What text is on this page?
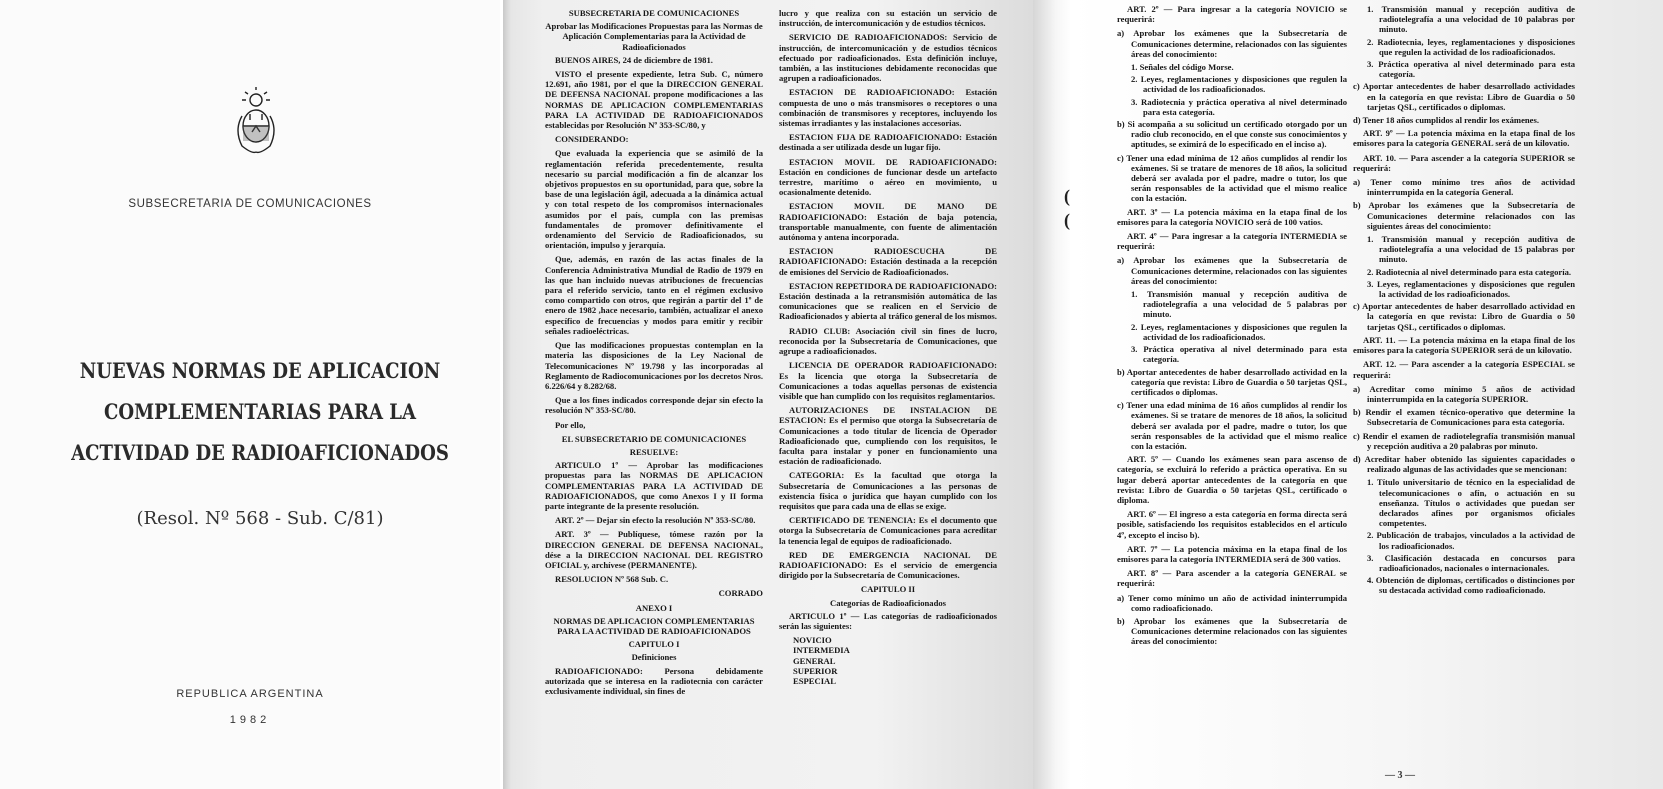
SUBSECRETARIA DE COMUNICACIONES
NUEVAS NORMAS DE APLICACION
COMPLEMENTARIAS PARA LA
ACTIVIDAD DE RADIOAFICIONADOS
(Resol. Nº 568 - Sub. C/81)
REPUBLICA ARGENTINA
1982

SUBSECRETARIA DE COMUNICACIONES

Aprobar las Modificaciones Propuestas para las Normas de Aplicación Complementarias para la Actividad de Radioaficionados

BUENOS AIRES, 24 de diciembre de 1981.

VISTO el presente expediente, letra Sub. C, número 12.691, año 1981, por el que la DIRECCION GENERAL DE DEFENSA NACIONAL propone modificaciones a las NORMAS DE APLICACION COMPLEMENTARIAS PARA LA ACTIVIDAD DE RADIOAFICIONADOS establecidas por Resolución Nº 353-SC/80, y

CONSIDERANDO:

Que evaluada la experiencia que se asimiló de la reglamentación referida precedentemente, resulta necesario su parcial modificación a fin de alcanzar los objetivos propuestos en su oportunidad, para que, sobre la base de una legislación ágil, adecuada a la dinámica actual y con total respeto de los compromisos internacionales asumidos por el país, cumpla con las premisas fundamentales de promover definitivamente el ordenamiento del Servicio de Radioaficionados, su orientación, impulso y jerarquía.

Que, además, en razón de las actas finales de la Conferencia Administrativa Mundial de Radio de 1979 en las que han incluido nuevas atribuciones de frecuencias para el referido servicio, tanto en el régimen exclusivo como compartido con otros, que regirán a partir del 1º de enero de 1982 ,hace necesario, también, actualizar el anexo específico de frecuencias y modos para emitir y recibir señales radioeléctricas.

Que las modificaciones propuestas contemplan en la materia las disposiciones de la Ley Nacional de Telecomunicaciones Nº 19.798 y las incorporadas al Reglamento de Radiocomunicaciones por los decretos Nros. 6.226/64 y 8.282/68.

Que a los fines indicados corresponde dejar sin efecto la resolución Nº 353-SC/80.

Por ello,

EL SUBSECRETARIO DE COMUNICACIONES

RESUELVE:

ARTICULO 1º — Aprobar las modificaciones propuestas para las NORMAS DE APLICACION COMPLEMENTARIAS PARA LA ACTIVIDAD DE RADIOAFICIONADOS, que como Anexos I y II forma parte integrante de la presente resolución.

ART. 2º — Dejar sin efecto la resolución Nº 353-SC/80.

ART. 3º — Publíquese, tómese razón por la DIRECCION GENERAL DE DEFENSA NACIONAL, dése a la DIRECCION NACIONAL DEL REGISTRO OFICIAL y, archívese (PERMANENTE).

RESOLUCION Nº 568 Sub. C.

CORRADO

ANEXO I

NORMAS DE APLICACION COMPLEMENTARIAS PARA LA ACTIVIDAD DE RADIOAFICIONADOS

CAPITULO I

Definiciones

RADIOAFICIONADO: Persona debidamente autorizada que se interesa en la radiotecnia con carácter exclusivamente individual, sin fines de

lucro y que realiza con su estación un servicio de instrucción, de intercomunicación y de estudios técnicos.

SERVICIO DE RADIOAFICIONADOS: Servicio de instrucción, de intercomunicación y de estudios técnicos efectuado por radioaficionados. Esta definición incluye, también, a las instituciones debidamente reconocidas que agrupen a radioaficionados.

ESTACION DE RADIOAFICIONADO: Estación compuesta de uno o más transmisores o receptores o una combinación de transmisores y receptores, incluyendo los sistemas irradiantes y las instalaciones accesorias.

ESTACION FIJA DE RADIOAFICIONADO: Estación destinada a ser utilizada desde un lugar fijo.

ESTACION MOVIL DE RADIOAFICIONADO: Estación en condiciones de funcionar desde un artefacto terrestre, marítimo o aéreo en movimiento, u ocasionalmente detenido.

ESTACION MOVIL DE MANO DE RADIOAFICIONADO: Estación de baja potencia, transportable manualmente, con fuente de alimentación autónoma y antena incorporada.

ESTACION RADIOESCUCHA DE RADIOAFICIONADO: Estación destinada a la recepción de emisiones del Servicio de Radioaficionados.

ESTACION REPETIDORA DE RADIOAFICIONADO: Estación destinada a la retransmisión automática de las comunicaciones que se realicen en el Servicio de Radioaficionados y abierta al tráfico general de los mismos.

RADIO CLUB: Asociación civil sin fines de lucro, reconocida por la Subsecretaría de Comunicaciones, que agrupe a radioaficionados.

LICENCIA DE OPERADOR RADIOAFICIONADO: Es la licencia que otorga la Subsecretaría de Comunicaciones a todas aquellas personas de existencia visible que han cumplido con los requisitos reglamentarios.

AUTORIZACIONES DE INSTALACION DE ESTACION: Es el permiso que otorga la Subsecretaría de Comunicaciones a todo titular de licencia de Operador Radioaficionado que, cumpliendo con los requisitos, le faculta para instalar y poner en funcionamiento una estación de radioaficionado.

CATEGORIA: Es la facultad que otorga la Subsecretaría de Comunicaciones a las personas de existencia física o jurídica que hayan cumplido con los requisitos que para cada una de ellas se exige.

CERTIFICADO DE TENENCIA: Es el documento que otorga la Subsecretaría de Comunicaciones para acreditar la tenencia legal de equipos de radioaficionado.

RED DE EMERGENCIA NACIONAL DE RADIOAFICIONADO: Es el servicio de emergencia dirigido por la Subsecretaría de Comunicaciones.

CAPITULO II

Categorías de Radioaficionados

ARTICULO 1º — Las categorías de radioaficionados serán las siguientes:

NOVICIO

INTERMEDIA

GENERAL

SUPERIOR

ESPECIAL

(
(

ART. 2º — Para ingresar a la categoría NOVICIO se requerirá:

a) Aprobar los exámenes que la Subsecretaría de Comunicaciones determine, relacionados con las siguientes áreas del conocimiento:

1. Señales del código Morse.

2. Leyes, reglamentaciones y disposiciones que regulen la actividad de los radioaficionados.

3. Radiotecnia y práctica operativa al nivel determinado para esta categoría.

b) Si acompaña a su solicitud un certificado otorgado por un radio club reconocido, en el que conste sus conocimientos y aptitudes, se eximirá de lo especificado en el inciso a).

c) Tener una edad mínima de 12 años cumplidos al rendir los exámenes. Si se tratare de menores de 18 años, la solicitud deberá ser avalada por el padre, madre o tutor, los que serán responsables de la actividad que el mismo realice con la estación.

ART. 3º — La potencia máxima en la etapa final de los emisores para la categoría NOVICIO será de 100 vatios.

ART. 4º — Para ingresar a la categoría INTERMEDIA se requerirá:

a) Aprobar los exámenes que la Subsecretaría de Comunicaciones determine, relacionados con las siguientes áreas del conocimiento:

1. Transmisión manual y recepción auditiva de radiotelegrafía a una velocidad de 5 palabras por minuto.

2. Leyes, reglamentaciones y disposiciones que regulen la actividad de los radioaficionados.

3. Práctica operativa al nivel determinado para esta categoría.

b) Aportar antecedentes de haber desarrollado actividad en la categoría que revista: Libro de Guardia o 50 tarjetas QSL, certificados o diplomas.

c) Tener una edad mínima de 16 años cumplidos al rendir los exámenes. Si se tratare de menores de 18 años, la solicitud deberá ser avalada por el padre, madre o tutor, los que serán responsables de la actividad que el mismo realice con la estación.

ART. 5º — Cuando los exámenes sean para ascenso de categoría, se excluirá lo referido a práctica operativa. En su lugar deberá aportar antecedentes de la categoría en que revista: Libro de Guardia o 50 tarjetas QSL, certificado o diploma.

ART. 6º — El ingreso a esta categoría en forma directa será posible, satisfaciendo los requisitos establecidos en el artículo 4º, excepto el inciso b).

ART. 7º — La potencia máxima en la etapa final de los emisores para la categoría INTERMEDIA será de 300 vatios.

ART. 8º — Para ascender a la categoría GENERAL se requerirá:

a) Tener como mínimo un año de actividad ininterrumpida como radioaficionado.

b) Aprobar los exámenes que la Subsecretaría de Comunicaciones determine relacionados con las siguientes áreas del conocimiento:

1. Transmisión manual y recepción auditiva de radiotelegrafía a una velocidad de 10 palabras por minuto.

2. Radiotecnia, leyes, reglamentaciones y disposiciones que regulen la actividad de los radioaficionados.

3. Práctica operativa al nivel determinado para esta categoría.

c) Aportar antecedentes de haber desarrollado actividades en la categoría en que revista: Libro de Guardia o 50 tarjetas QSL, certificados o diplomas.

d) Tener 18 años cumplidos al rendir los exámenes.

ART. 9º — La potencia máxima en la etapa final de los emisores para la categoría GENERAL será de un kilovatio.

ART. 10. — Para ascender a la categoría SUPERIOR se requerirá:

a) Tener como mínimo tres años de actividad ininterrumpida en la categoría General.

b) Aprobar los exámenes que la Subsecretaría de Comunicaciones determine relacionados con las siguientes áreas del conocimiento:

1. Transmisión manual y recepción auditiva de radiotelegrafía a una velocidad de 15 palabras por minuto.

2. Radiotecnia al nivel determinado para esta categoría.

3. Leyes, reglamentaciones y disposiciones que regulen la actividad de los radioaficionados.

c) Aportar antecedentes de haber desarrollado actividad en la categoría en que revista: Libro de Guardia o 50 tarjetas QSL, certificados o diplomas.

ART. 11. — La potencia máxima en la etapa final de los emisores para la categoría SUPERIOR será de un kilovatio.

ART. 12. — Para ascender a la categoría ESPECIAL se requerirá:

a) Acreditar como mínimo 5 años de actividad ininterrumpida en la categoría SUPERIOR.

b) Rendir el examen técnico-operativo que determine la Subsecretaría de Comunicaciones para esta categoría.

c) Rendir el examen de radiotelegrafía transmisión manual y recepción auditiva a 20 palabras por minuto.

d) Acreditar haber obtenido las siguientes capacidades o realizado algunas de las actividades que se mencionan:

1. Título universitario de técnico en la especialidad de telecomunicaciones o afín, o actuación en su enseñanza. Títulos o actividades que puedan ser declarados afines por organismos oficiales competentes.

2. Publicación de trabajos, vinculados a la actividad de los radioaficionados.

3. Clasificación destacada en concursos para radioaficionados, nacionales o internacionales.

4. Obtención de diplomas, certificados o distinciones por su destacada actividad como radioaficionado.

— 3 —
